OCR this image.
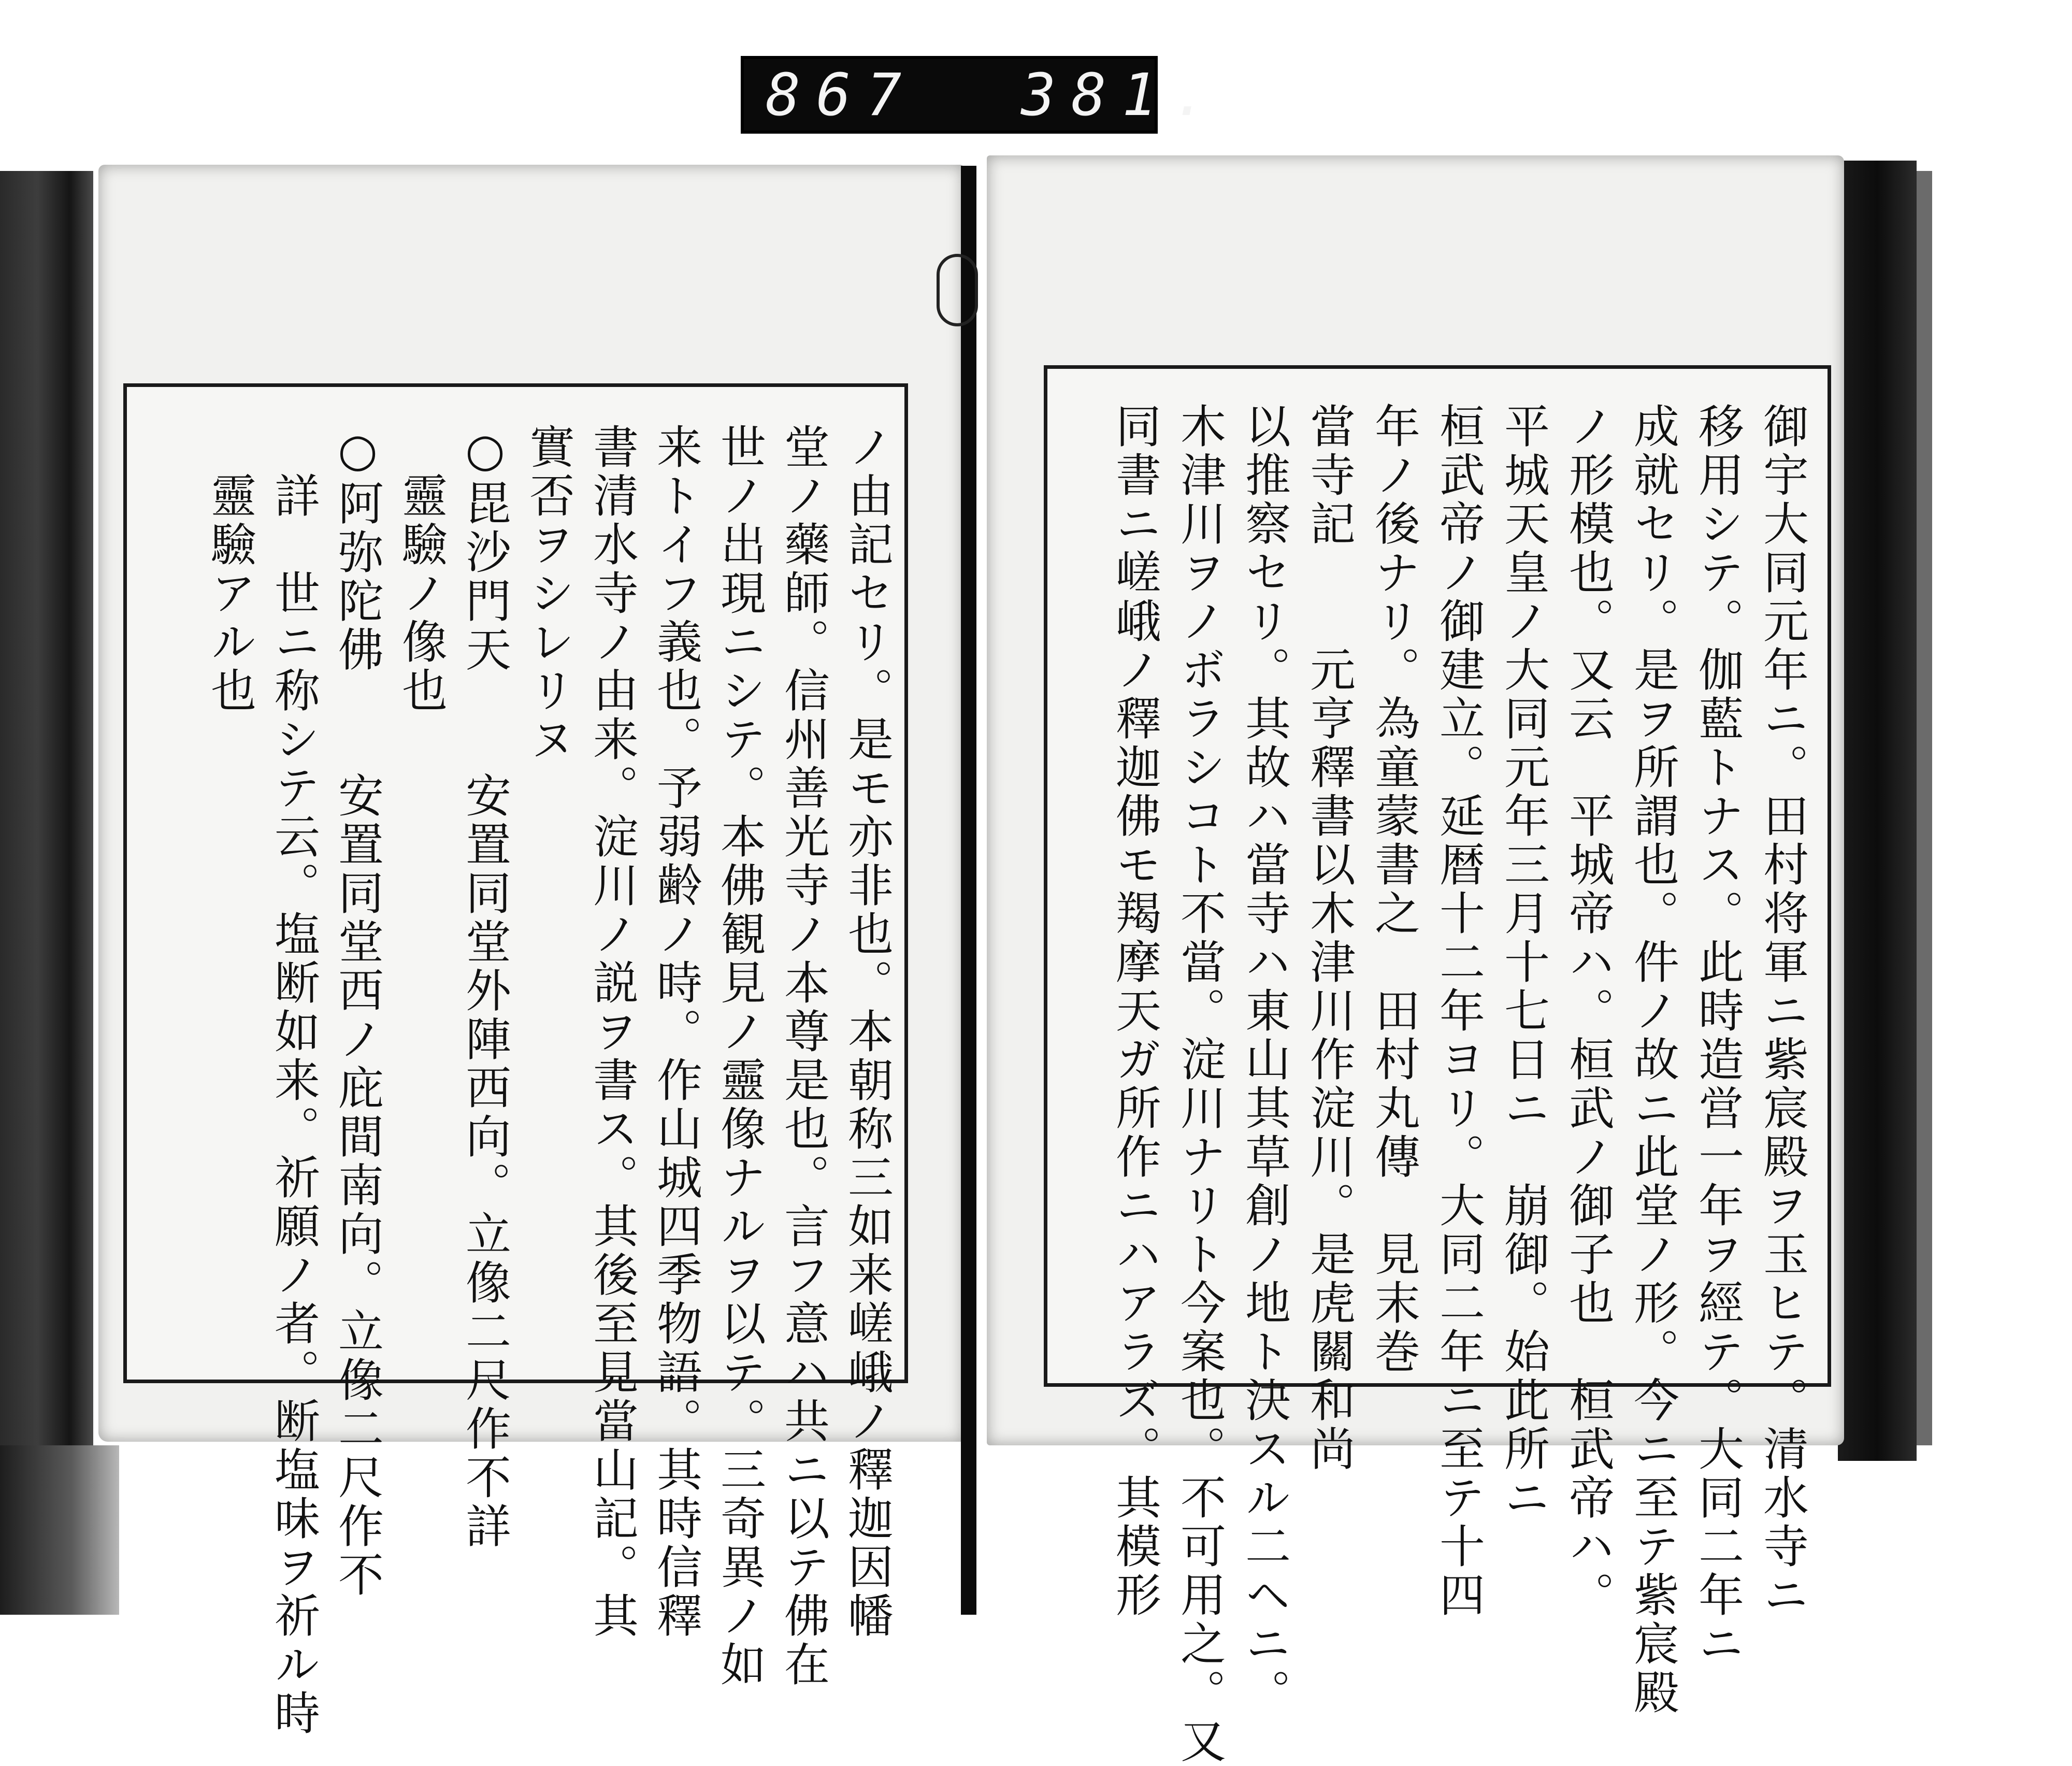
867 381.
ノ由記セリ。是モ亦非也。本朝称三如来嵯峨ノ釋迦因幡
堂ノ藥師。信州善光寺ノ本尊是也。言フ意ハ共ニ以テ佛在
世ノ出現ニシテ。本佛観見ノ靈像ナルヲ以テ。三奇異ノ如
来トイフ義也。予弱齢ノ時。作山城四季物語。其時信釋
書清水寺ノ由来。淀川ノ説ヲ書ス。其後至見當山記。其
實否ヲシレリヌ
○毘沙門天　　安置同堂外陣西向。立像二尺作不詳
　靈驗ノ像也
○阿弥陀佛　　安置同堂西ノ庇間南向。立像二尺作不
　詳　世ニ称シテ云。塩断如来。祈願ノ者。断塩味ヲ祈ル時
　靈驗アル也	御宇大同元年ニ。田村将軍ニ紫宸殿ヲ玉ヒテ。清水寺ニ
移用シテ。伽藍トナス。此時造営一年ヲ經テ。大同二年ニ
成就セリ。是ヲ所謂也。件ノ故ニ此堂ノ形。今ニ至テ紫宸殿
ノ形模也。又云　平城帝ハ。桓武ノ御子也　桓武帝ハ。
平城天皇ノ大同元年三月十七日ニ　崩御。始此所ニ
桓武帝ノ御建立。延暦十二年ヨリ。大同二年ニ至テ十四
年ノ後ナリ。為童蒙書之　田村丸傳　見末巻
當寺記　　元亨釋書以木津川作淀川。是虎關和尚
以推察セリ。其故ハ當寺ハ東山其草創ノ地ト決スル二ヘニ。
木津川ヲノボラシコト不當。淀川ナリト今案也。不可用之。又
同書ニ嵯峨ノ釋迦佛モ羯摩天ガ所作ニハアラズ。其模形
